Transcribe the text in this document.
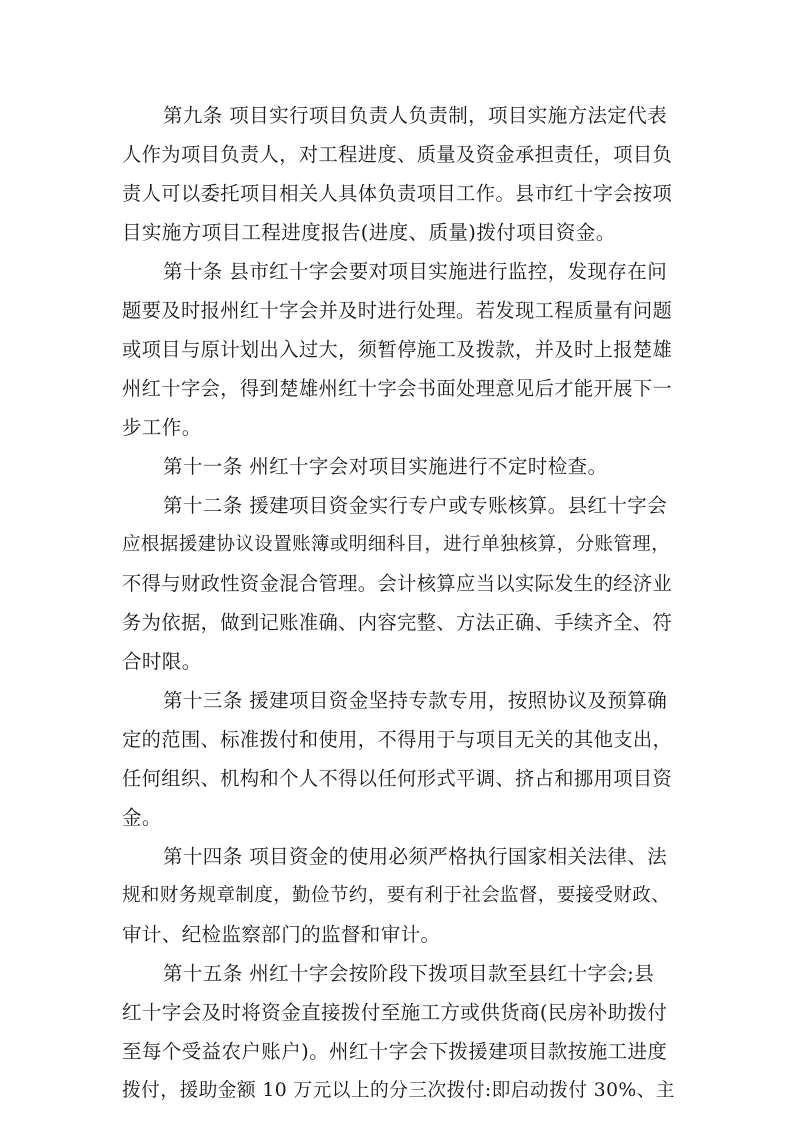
第九条 项目实行项目负责人负责制，项目实施方法定代表
人作为项目负责人，对工程进度、质量及资金承担责任，项目负
责人可以委托项目相关人具体负责项目工作。县市红十字会按项
目实施方项目工程进度报告(进度、质量)拨付项目资金。
第十条 县市红十字会要对项目实施进行监控，发现存在问
题要及时报州红十字会并及时进行处理。若发现工程质量有问题
或项目与原计划出入过大，须暂停施工及拨款，并及时上报楚雄
州红十字会，得到楚雄州红十字会书面处理意见后才能开展下一
步工作。
第十一条 州红十字会对项目实施进行不定时检查。
第十二条 援建项目资金实行专户或专账核算。县红十字会
应根据援建协议设置账簿或明细科目，进行单独核算，分账管理，
不得与财政性资金混合管理。会计核算应当以实际发生的经济业
务为依据，做到记账准确、内容完整、方法正确、手续齐全、符
合时限。
第十三条 援建项目资金坚持专款专用，按照协议及预算确
定的范围、标准拨付和使用，不得用于与项目无关的其他支出，
任何组织、机构和个人不得以任何形式平调、挤占和挪用项目资
金。
第十四条 项目资金的使用必须严格执行国家相关法律、法
规和财务规章制度，勤俭节约，要有利于社会监督，要接受财政、
审计、纪检监察部门的监督和审计。
第十五条 州红十字会按阶段下拨项目款至县红十字会;县
红十字会及时将资金直接拨付至施工方或供货商(民房补助拨付
至每个受益农户账户)。州红十字会下拨援建项目款按施工进度
拨付，援助金额 10 万元以上的分三次拨付:即启动拨付 30%、主
